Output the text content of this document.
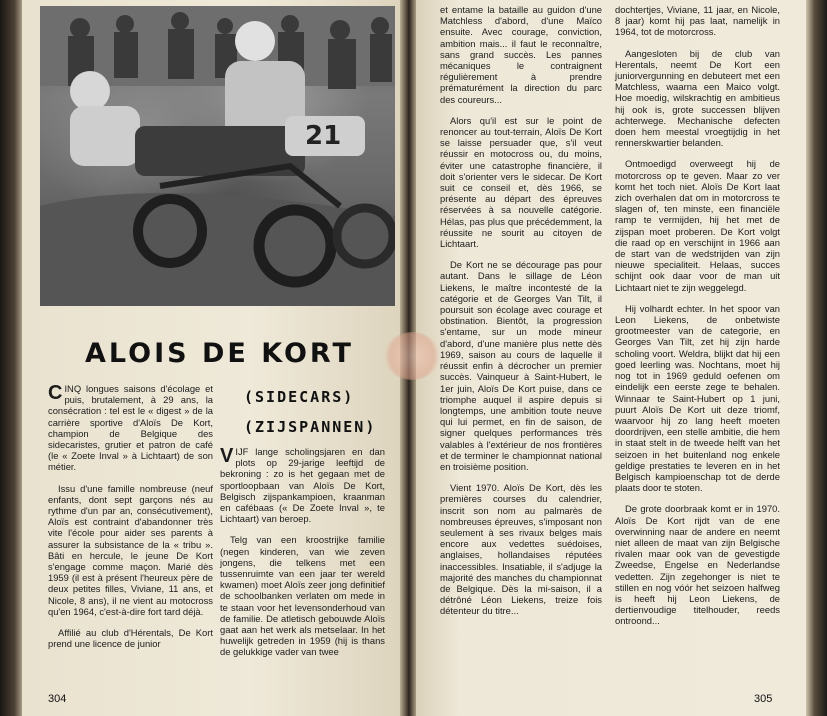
21
ALOIS DE KORT
(SIDECARS)
(ZIJSPANNEN)

CINQ longues saisons d'écolage et puis, brutalement, à 29 ans, la consécration : tel est le « digest » de la carrière sportive d'Aloïs De Kort, champion de Belgique des sidecaristes, grutier et patron de café (le « Zoete Inval » à Lichtaart) de son métier.

Issu d'une famille nombreuse (neuf enfants, dont sept garçons nés au rythme d'un par an, consécutivement), Aloïs est contraint d'abandonner très vite l'école pour aider ses parents à assurer la subsistance de la « tribu ». Bâti en hercule, le jeune De Kort s'engage comme maçon. Marié dès 1959 (il est à présent l'heureux père de deux petites filles, Viviane, 11 ans, et Nicole, 8 ans), il ne vient au motocross qu'en 1964, c'est-à-dire fort tard déjà.

Affilié au club d'Hérentals, De Kort prend une licence de junior

VIJF lange scholingsjaren en dan plots op 29-jarige leeftijd de bekroning : zo is het gegaan met de sportloopbaan van Aloïs De Kort, Belgisch zijspankampioen, kraanman en cafébaas (« De Zoete Inval », te Lichtaart) van beroep.

Telg van een kroostrijke familie (negen kinderen, van wie zeven jongens, die telkens met een tussenruimte van een jaar ter wereld kwamen) moet Aloïs zeer jong definitief de schoolbanken verlaten om mede in te staan voor het levensonderhoud van de familie. De atletisch gebouwde Aloïs gaat aan het werk als metselaar. In het huwelijk getreden in 1959 (hij is thans de gelukkige vader van twee

et entame la bataille au guidon d'une Matchless d'abord, d'une Maïco ensuite. Avec courage, conviction, ambition mais... il faut le reconnaître, sans grand succès. Les pannes mécaniques le contraignent régulièrement à prendre prématurément la direction du parc des coureurs...

Alors qu'il est sur le point de renoncer au tout-terrain, Aloïs De Kort se laisse persuader que, s'il veut réussir en motocross ou, du moins, éviter une catastrophe financière, il doit s'orienter vers le sidecar. De Kort suit ce conseil et, dès 1966, se présente au départ des épreuves réservées à sa nouvelle catégorie. Hélas, pas plus que précédemment, la réussite ne sourit au citoyen de Lichtaart.

De Kort ne se décourage pas pour autant. Dans le sillage de Léon Liekens, le maître incontesté de la catégorie et de Georges Van Tilt, il poursuit son écolage avec courage et obstination. Bientôt, la progression s'entame, sur un mode mineur d'abord, d'une manière plus nette dès 1969, saison au cours de laquelle il réussit enfin à décrocher un premier succès. Vainqueur à Saint-Hubert, le 1er juin, Aloïs De Kort puise, dans ce triomphe auquel il aspire depuis si longtemps, une ambition toute neuve qui lui permet, en fin de saison, de signer quelques performances très valables à l'extérieur de nos frontières et de terminer le championnat national en troisième position.

Vient 1970. Aloïs De Kort, dès les premières courses du calendrier, inscrit son nom au palmarès de nombreuses épreuves, s'imposant non seulement à ses rivaux belges mais encore aux vedettes suédoises, anglaises, hollandaises réputées inaccessibles. Insatiable, il s'adjuge la majorité des manches du championnat de Belgique. Dès la mi-saison, il a détrôné Léon Liekens, treize fois détenteur du titre...

dochtertjes, Viviane, 11 jaar, en Nicole, 8 jaar) komt hij pas laat, namelijk in 1964, tot de motorcross.

Aangesloten bij de club van Herentals, neemt De Kort een juniorvergunning en debuteert met een Matchless, waarna een Maico volgt. Hoe moedig, wilskrachtig en ambitieus hij ook is, grote successen blijven achterwege. Mechanische defecten doen hem meestal vroegtijdig in het rennerskwartier belanden.

Ontmoedigd overweegt hij de motorcross op te geven. Maar zo ver komt het toch niet. Aloïs De Kort laat zich overhalen dat om in motorcross te slagen of, ten minste, een financiële ramp te vermijden, hij het met de zijspan moet proberen. De Kort volgt die raad op en verschijnt in 1966 aan de start van de wedstrijden van zijn nieuwe specialiteit. Helaas, succes schijnt ook daar voor de man uit Lichtaart niet te zijn weggelegd.

Hij volhardt echter. In het spoor van Leon Liekens, de onbetwiste grootmeester van de categorie, en Georges Van Tilt, zet hij zijn harde scholing voort. Weldra, blijkt dat hij een goed leerling was. Nochtans, moet hij nog tot in 1969 geduld oefenen om eindelijk een eerste zege te behalen. Winnaar te Saint-Hubert op 1 juni, puurt Aloïs De Kort uit deze triomf, waarvoor hij zo lang heeft moeten doordrijven, een stelle ambitie, die hem in staat stelt in de tweede helft van het seizoen in het buitenland nog enkele geldige prestaties te leveren en in het Belgisch kampioenschap tot de derde plaats door te stoten.

De grote doorbraak komt er in 1970. Aloïs De Kort rijdt van de ene overwinning naar de andere en neemt niet alleen de maat van zijn Belgische rivalen maar ook van de gevestigde Zweedse, Engelse en Nederlandse vedetten. Zijn zegehonger is niet te stillen en nog vóór het seizoen halfweg is heeft hij Leon Liekens, de dertienvoudige titelhouder, reeds ontroond...

304	305
